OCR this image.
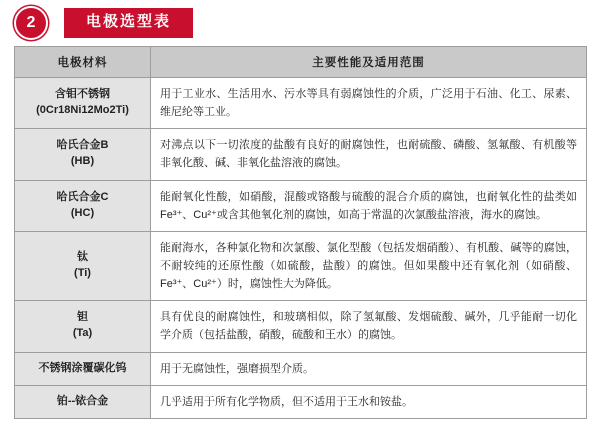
2	电极选型表
电极材料	主要性能及适用范围

含钼不锈钢
(0Cr18Ni12Mo2Ti)	用于工业水、生活用水、污水等具有弱腐蚀性的介质，广泛用于石油、化工、尿素、维尼纶等工业。

哈氏合金B
(HB)	对沸点以下一切浓度的盐酸有良好的耐腐蚀性，也耐硫酸、磷酸、氢氟酸、有机酸等非氧化酸、碱、非氧化盐溶液的腐蚀。

哈氏合金C
(HC)	能耐氧化性酸，如硝酸，混酸或铬酸与硫酸的混合介质的腐蚀，也耐氧化性的盐类如Fe³⁺、Cu²⁺或含其他氧化剂的腐蚀，如高于常温的次氯酸盐溶液，海水的腐蚀。

钛
(Ti)	能耐海水，各种氯化物和次氯酸、氯化型酸（包括发烟硝酸）、有机酸、碱等的腐蚀，不耐较纯的还原性酸（如硫酸，盐酸）的腐蚀。但如果酸中还有氧化剂（如硝酸、Fe³⁺、Cu²⁺）时，腐蚀性大为降低。

钽
(Ta)	具有优良的耐腐蚀性，和玻璃相似，除了氢氟酸、发烟硫酸、碱外，几乎能耐一切化学介质（包括盐酸，硝酸，硫酸和王水）的腐蚀。

不锈钢涂覆碳化钨	用于无腐蚀性，强磨损型介质。

铂--铱合金	几乎适用于所有化学物质，但不适用于王水和铵盐。
